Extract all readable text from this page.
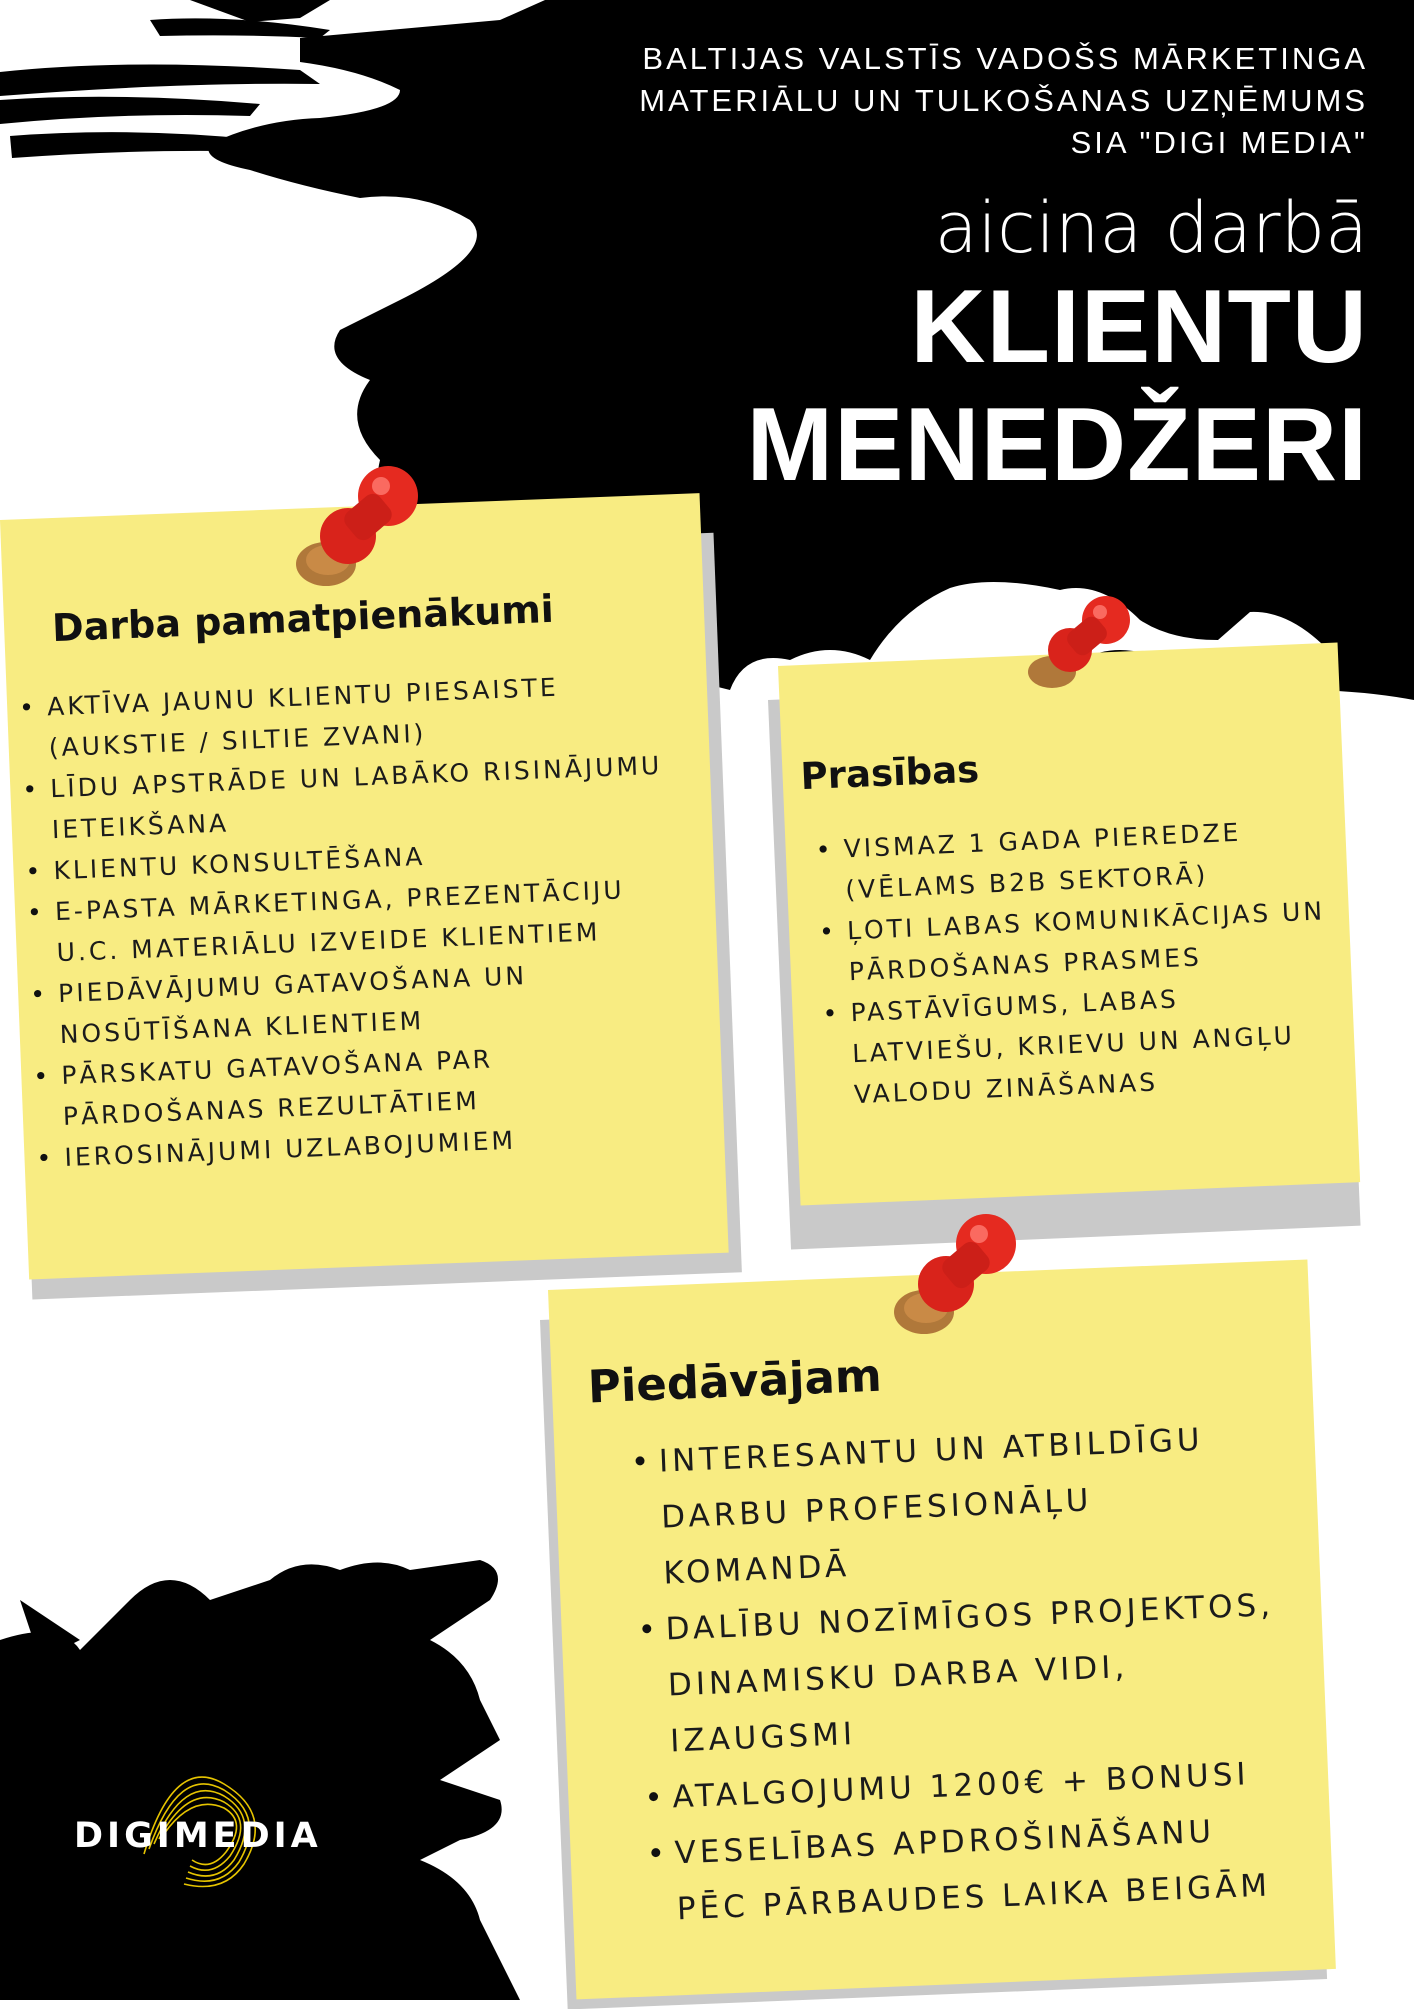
BALTIJAS VALSTĪS VADOŠS MĀRKETINGA
MATERIĀLU UN TULKOŠANAS UZŅĒMUMS
SIA "DIGI MEDIA"
aicina darbā
KLIENTU
MENEDŽERI
Darba pamatpienākumi
• AKTĪVA JAUNU KLIENTU PIESAISTE (AUKSTIE / SILTIE ZVANI)
• LĪDU APSTRĀDE UN LABĀKO RISINĀJUMU IETEIKŠANA
• KLIENTU KONSULTĒŠANA
• E-PASTA MĀRKETINGA, PREZENTĀCIJU U.C. MATERIĀLU IZVEIDE KLIENTIEM
• PIEDĀVĀJUMU GATAVOŠANA UN NOSŪTĪŠANA KLIENTIEM
• PĀRSKATU GATAVOŠANA PAR PĀRDOŠANAS REZULTĀTIEM
• IEROSINĀJUMI UZLABOJUMIEM
Prasības
• VISMAZ 1 GADA PIEREDZE (VĒLAMS B2B SEKTORĀ)
• ĻOTI LABAS KOMUNIKĀCIJAS UN PĀRDOŠANAS PRASMES
• PASTĀVĪGUMS, LABAS LATVIEŠU, KRIEVU UN ANGĻU VALODU ZINĀŠANAS
Piedāvājam
• INTERESANTU UN ATBILDĪGU DARBU PROFESIONĀĻU KOMANDĀ
• DALĪBU NOZĪMĪGOS PROJEKTOS, DINAMISKU DARBA VIDI, IZAUGSMI
• ATALGOJUMU 1200€ + BONUSI
• VESELĪBAS APDROŠINĀŠANU PĒC PĀRBAUDES LAIKA BEIGĀM
DIGIMEDIA
